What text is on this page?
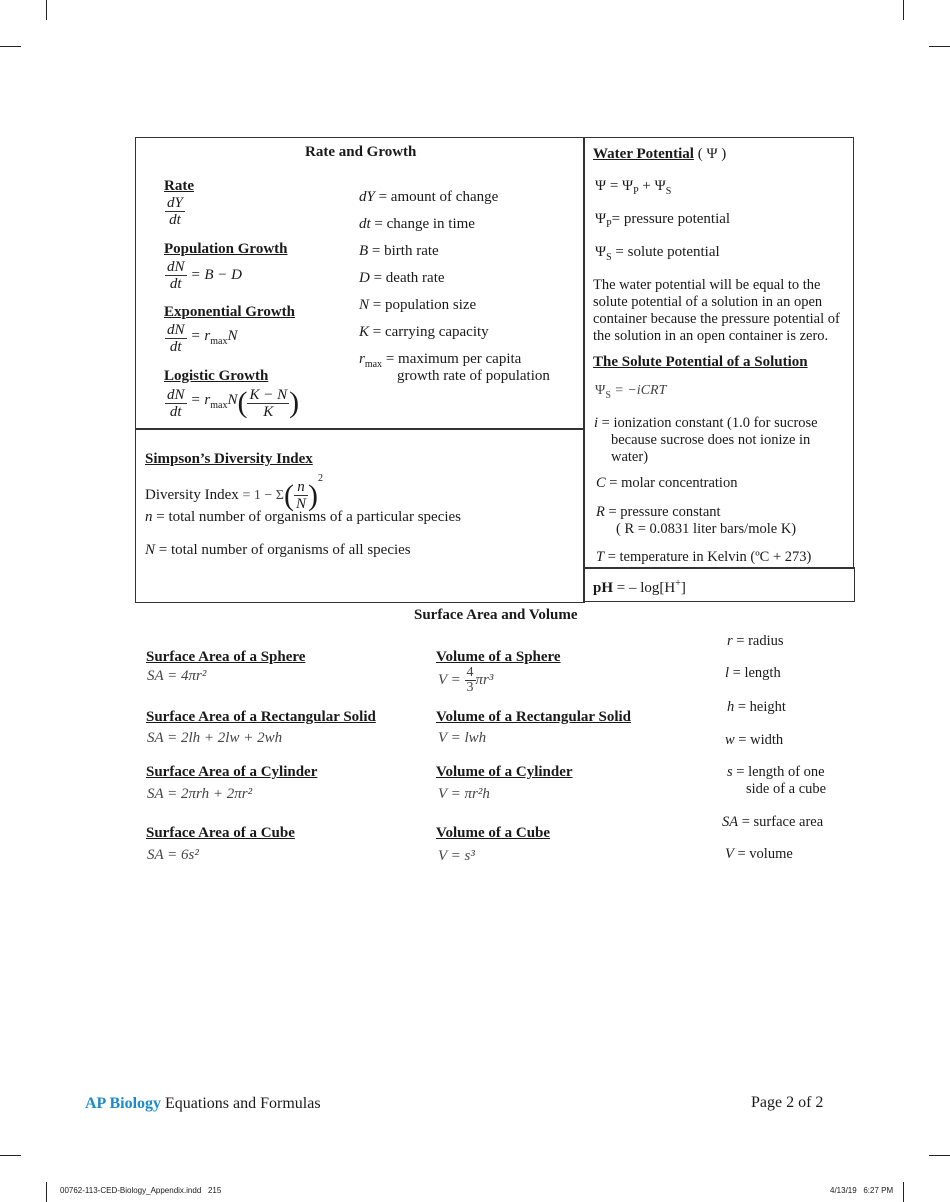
Rate and Growth
Rate
$\frac{dY}{dt}$
Population Growth
$\frac{dN}{dt} = B - D$
Exponential Growth
$\frac{dN}{dt} = r_{max}N$
Logistic Growth
$\frac{dN}{dt} = r_{max}N( \frac{K - N}{K}$ )
dY = amount of change
dt = change in time
B = birth rate
D = death rate
N = population size
K = carrying capacity
$r_{max}$ = maximum per capita
growth rate of population
Simpson’s Diversity Index
Diversity Index = $1 - \Sigma( \frac{n}{N} )^2$
n = total number of organisms of a particular species
N = total number of organisms of all species
Water Potential ( Ψ )
$\Psi = \Psi_P + \Psi_S$
$\Psi_P=$ pressure potential
$\Psi_S$ = solute potential
The water potential will be equal to the
solute potential of a solution in an open
container because the pressure potential of
the solution in an open container is zero.
The Solute Potential of a Solution
$\Psi_S$ = −iCRT
i = ionization constant (1.0 for sucrose
because sucrose does not ionize in
water)
C = molar concentration
R = pressure constant
( R = 0.0831 liter bars/mole K)
T = temperature in Kelvin (ºC + 273)
pH = – log[H+]
Surface Area and Volume
Surface Area of a Sphere
SA = 4πr²
Volume of a Sphere
$V = \frac{4}{3} \pi r^3$
Surface Area of a Rectangular Solid
SA = 2lh + 2lw + 2wh
Volume of a Rectangular Solid
V = lwh
Surface Area of a Cylinder
SA = 2πrh + 2πr²
Volume of a Cylinder
V = πr²h
Surface Area of a Cube
SA = 6s²
Volume of a Cube
V = s³
r = radius
l = length
h = height
w = width
s = length of one
side of a cube
SA = surface area
V = volume
AP Biology Equations and Formulas	Page 2 of 2
00762-113-CED-Biology_Appendix.indd   215	4/13/19   6:27 PM
